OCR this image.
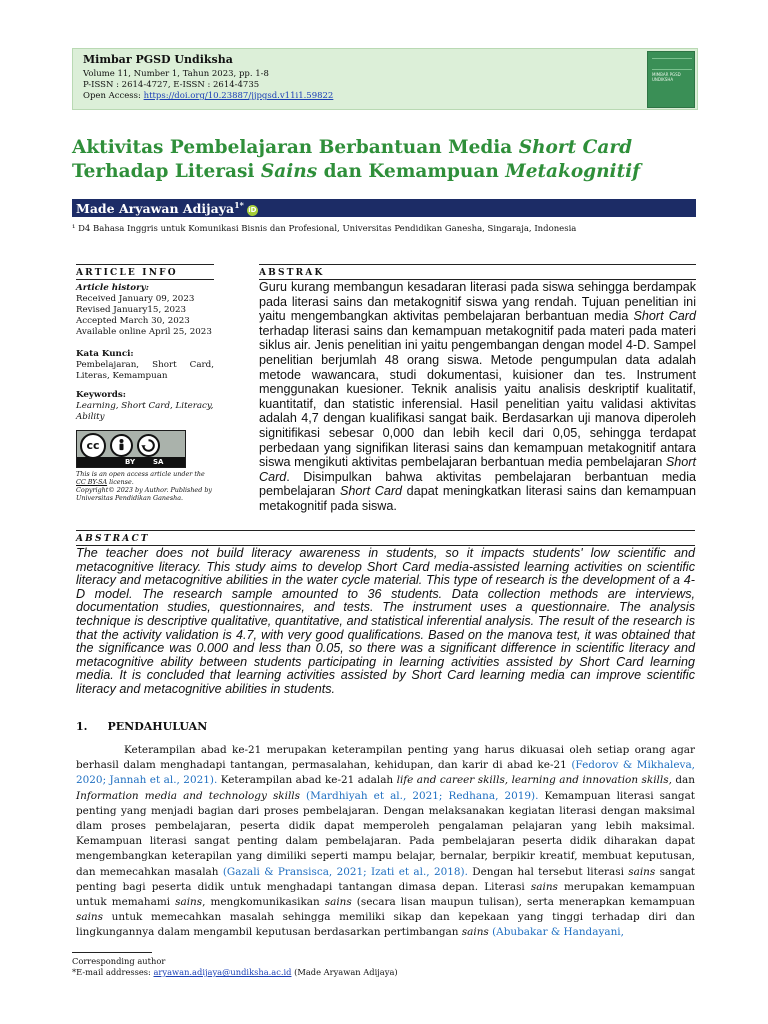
Mimbar PGSD Undiksha
Volume 11, Number 1, Tahun 2023, pp. 1-8
P-ISSN : 2614-4727, E-ISSN : 2614-4735
Open Access: https://doi.org/10.23887/jjpgsd.v11i1.59822
MIMBAR PGSD UNDIKSHA
Aktivitas Pembelajaran Berbantuan Media Short Card Terhadap Literasi Sains dan Kemampuan Metakognitif
Made Aryawan Adijaya$^{1*}$iD
¹ D4 Bahasa Inggris untuk Komunikasi Bisnis dan Profesional, Universitas Pendidikan Ganesha, Singaraja, Indonesia
ARTICLE INFO	ABSTRAK
Article history:
Received January 09, 2023
Revised January15, 2023
Accepted March 30, 2023
Available online April 25, 2023
Kata Kunci:
Pembelajaran, Short Card, Literas, Kemampuan
Keywords:
Learning, Short Card, Literacy, Ability
cc
BY	SA
This is an open access article under the CC BY-SA license.
Copyright© 2023 by Author. Published by Universitas Pendidikan Ganesha.
Guru kurang membangun kesadaran literasi pada siswa sehingga berdampak pada literasi sains dan metakognitif siswa yang rendah. Tujuan penelitian ini yaitu mengembangkan aktivitas pembelajaran berbantuan media Short Card terhadap literasi sains dan kemampuan metakognitif pada materi pada materi siklus air. Jenis penelitian ini yaitu pengembangan dengan model 4-D. Sampel penelitian berjumlah 48 orang siswa. Metode pengumpulan data adalah metode wawancara, studi dokumentasi, kuisioner dan tes. Instrument menggunakan kuesioner. Teknik analisis yaitu analisis deskriptif kualitatif, kuantitatif, dan statistic inferensial. Hasil penelitian yaitu validasi aktivitas adalah 4,7 dengan kualifikasi sangat baik. Berdasarkan uji manova diperoleh signitifikasi sebesar 0,000 dan lebih kecil dari 0,05, sehingga terdapat perbedaan yang signifikan literasi sains dan kemampuan metakognitif antara siswa mengikuti aktivitas pembelajaran berbantuan media pembelajaran Short Card. Disimpulkan bahwa aktivitas pembelajaran berbantuan media pembelajaran Short Card dapat meningkatkan literasi sains dan kemampuan metakognitif pada siswa.
ABSTRACT
The teacher does not build literacy awareness in students, so it impacts students' low scientific and metacognitive literacy. This study aims to develop Short Card media-assisted learning activities on scientific literacy and metacognitive abilities in the water cycle material. This type of research is the development of a 4-D model. The research sample amounted to 36 students. Data collection methods are interviews, documentation studies, questionnaires, and tests. The instrument uses a questionnaire. The analysis technique is descriptive qualitative, quantitative, and statistical inferential analysis. The result of the research is that the activity validation is 4.7, with very good qualifications. Based on the manova test, it was obtained that the significance was 0.000 and less than 0.05, so there was a significant difference in scientific literacy and metacognitive ability between students participating in learning activities assisted by Short Card learning media. It is concluded that learning activities assisted by Short Card learning media can improve scientific literacy and metacognitive abilities in students.
1. PENDAHULUAN
Keterampilan abad ke-21 merupakan keterampilan penting yang harus dikuasai oleh setiap orang agar berhasil dalam menghadapi tantangan, permasalahan, kehidupan, dan karir di abad ke-21 (Fedorov & Mikhaleva, 2020; Jannah et al., 2021). Keterampilan abad ke-21 adalah life and career skills, learning and innovation skills, dan Information media and technology skills (Mardhiyah et al., 2021; Redhana, 2019). Kemampuan literasi sangat penting yang menjadi bagian dari proses pembelajaran. Dengan melaksanakan kegiatan literasi dengan maksimal dlam proses pembelajaran, peserta didik dapat memperoleh pengalaman pelajaran yang lebih maksimal. Kemampuan literasi sangat penting dalam pembelajaran. Pada pembelajaran peserta didik diharakan dapat mengembangkan keterapilan yang dimiliki seperti mampu belajar, bernalar, berpikir kreatif, membuat keputusan, dan memecahkan masalah (Gazali & Pransisca, 2021; Izati et al., 2018). Dengan hal tersebut literasi sains sangat penting bagi peserta didik untuk menghadapi tantangan dimasa depan. Literasi sains merupakan kemampuan untuk memahami sains, mengkomunikasikan sains (secara lisan maupun tulisan), serta menerapkan kemampuan sains untuk memecahkan masalah sehingga memiliki sikap dan kepekaan yang tinggi terhadap diri dan lingkungannya dalam mengambil keputusan berdasarkan pertimbangan sains (Abubakar & Handayani,
Corresponding author
*E-mail addresses: aryawan.adijaya@undiksha.ac.id (Made Aryawan Adijaya)
